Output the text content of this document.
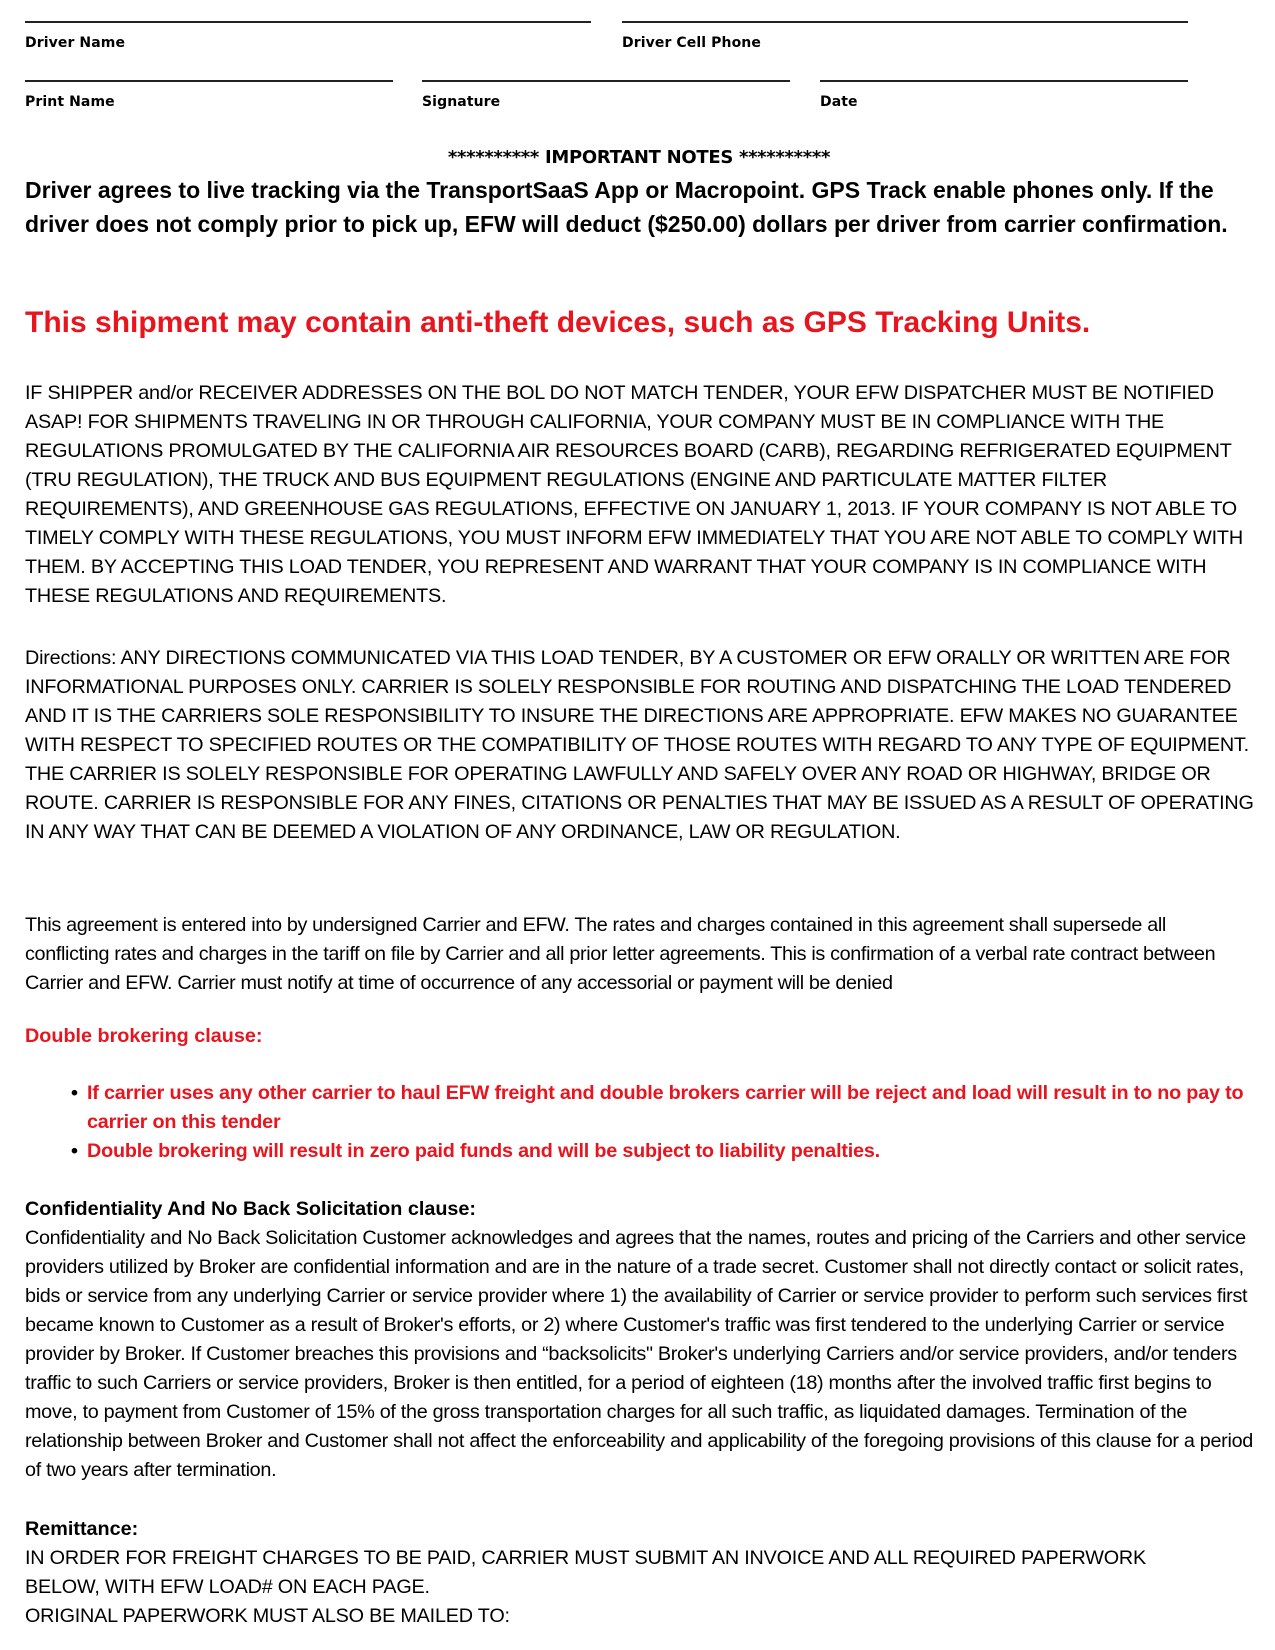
Driver Name	Driver Cell Phone
Print Name	Signature	Date
********** IMPORTANT NOTES **********
Driver agrees to live tracking via the TransportSaaS App or Macropoint. GPS Track enable phones only. If the driver does not comply prior to pick up, EFW will deduct ($250.00) dollars per driver from carrier confirmation.
This shipment may contain anti-theft devices, such as GPS Tracking Units.
IF SHIPPER and/or RECEIVER ADDRESSES ON THE BOL DO NOT MATCH TENDER, YOUR EFW DISPATCHER MUST BE NOTIFIED ASAP! FOR SHIPMENTS TRAVELING IN OR THROUGH CALIFORNIA, YOUR COMPANY MUST BE IN COMPLIANCE WITH THE REGULATIONS PROMULGATED BY THE CALIFORNIA AIR RESOURCES BOARD (CARB), REGARDING REFRIGERATED EQUIPMENT (TRU REGULATION), THE TRUCK AND BUS EQUIPMENT REGULATIONS (ENGINE AND PARTICULATE MATTER FILTER REQUIREMENTS), AND GREENHOUSE GAS REGULATIONS, EFFECTIVE ON JANUARY 1, 2013. IF YOUR COMPANY IS NOT ABLE TO TIMELY COMPLY WITH THESE REGULATIONS, YOU MUST INFORM EFW IMMEDIATELY THAT YOU ARE NOT ABLE TO COMPLY WITH THEM. BY ACCEPTING THIS LOAD TENDER, YOU REPRESENT AND WARRANT THAT YOUR COMPANY IS IN COMPLIANCE WITH THESE REGULATIONS AND REQUIREMENTS.
Directions: ANY DIRECTIONS COMMUNICATED VIA THIS LOAD TENDER, BY A CUSTOMER OR EFW ORALLY OR WRITTEN ARE FOR INFORMATIONAL PURPOSES ONLY. CARRIER IS SOLELY RESPONSIBLE FOR ROUTING AND DISPATCHING THE LOAD TENDERED AND IT IS THE CARRIERS SOLE RESPONSIBILITY TO INSURE THE DIRECTIONS ARE APPROPRIATE. EFW MAKES NO GUARANTEE WITH RESPECT TO SPECIFIED ROUTES OR THE COMPATIBILITY OF THOSE ROUTES WITH REGARD TO ANY TYPE OF EQUIPMENT. THE CARRIER IS SOLELY RESPONSIBLE FOR OPERATING LAWFULLY AND SAFELY OVER ANY ROAD OR HIGHWAY, BRIDGE OR ROUTE. CARRIER IS RESPONSIBLE FOR ANY FINES, CITATIONS OR PENALTIES THAT MAY BE ISSUED AS A RESULT OF OPERATING IN ANY WAY THAT CAN BE DEEMED A VIOLATION OF ANY ORDINANCE, LAW OR REGULATION.
This agreement is entered into by undersigned Carrier and EFW. The rates and charges contained in this agreement shall supersede all conflicting rates and charges in the tariff on file by Carrier and all prior letter agreements. This is confirmation of a verbal rate contract between Carrier and EFW. Carrier must notify at time of occurrence of any accessorial or payment will be denied
Double brokering clause:
• If carrier uses any other carrier to haul EFW freight and double brokers carrier will be reject and load will result in to no pay to carrier on this tender
• Double brokering will result in zero paid funds and will be subject to liability penalties.
Confidentiality And No Back Solicitation clause:
Confidentiality and No Back Solicitation Customer acknowledges and agrees that the names, routes and pricing of the Carriers and other service providers utilized by Broker are confidential information and are in the nature of a trade secret. Customer shall not directly contact or solicit rates, bids or service from any underlying Carrier or service provider where 1) the availability of Carrier or service provider to perform such services first became known to Customer as a result of Broker's efforts, or 2) where Customer's traffic was first tendered to the underlying Carrier or service provider by Broker. If Customer breaches this provisions and “backsolicits" Broker's underlying Carriers and/or service providers, and/or tenders traffic to such Carriers or service providers, Broker is then entitled, for a period of eighteen (18) months after the involved traffic first begins to move, to payment from Customer of 15% of the gross transportation charges for all such traffic, as liquidated damages. Termination of the relationship between Broker and Customer shall not affect the enforceability and applicability of the foregoing provisions of this clause for a period of two years after termination.
Remittance:
IN ORDER FOR FREIGHT CHARGES TO BE PAID, CARRIER MUST SUBMIT AN INVOICE AND ALL REQUIRED PAPERWORK
BELOW, WITH EFW LOAD# ON EACH PAGE.
ORIGINAL PAPERWORK MUST ALSO BE MAILED TO:
